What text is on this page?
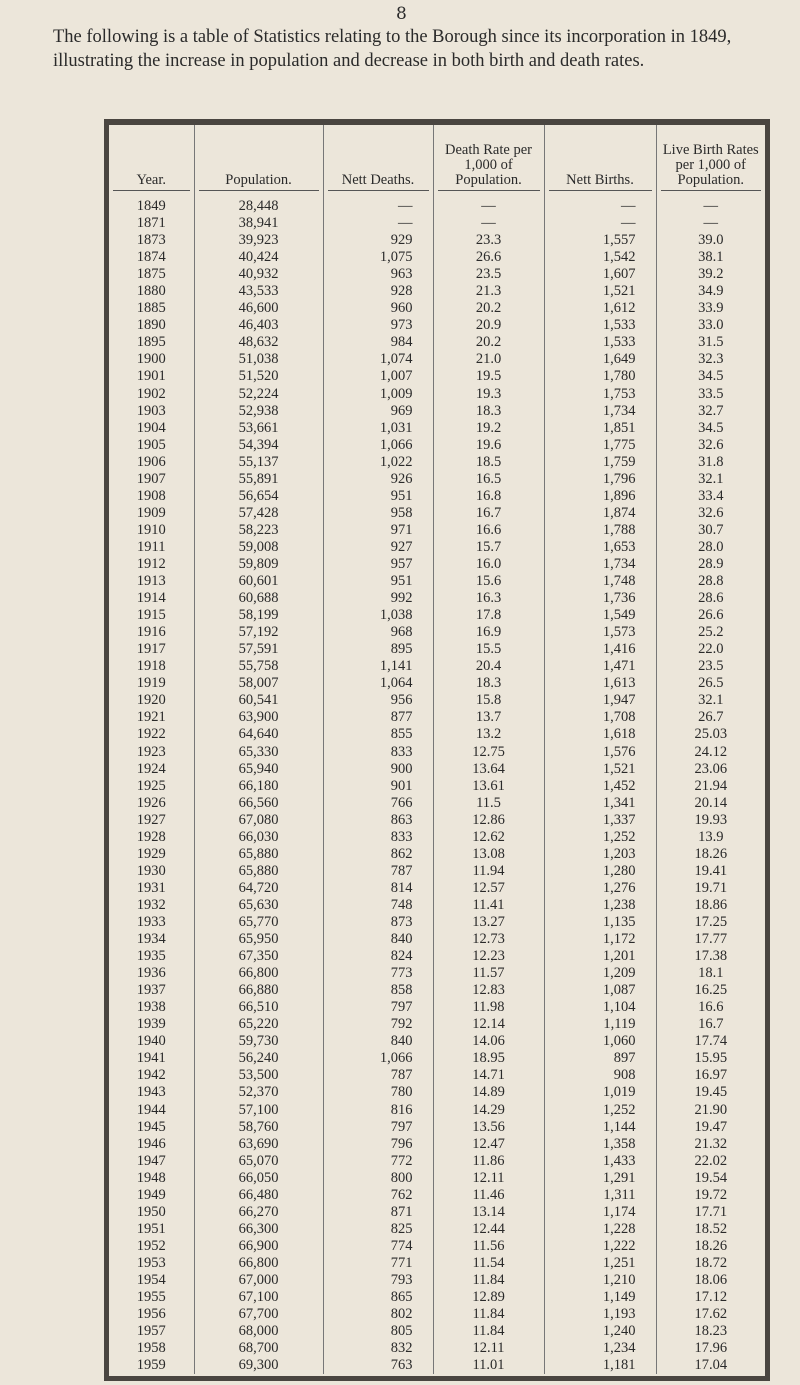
8
The following is a table of Statistics relating to the Borough since its incorporation in 1849, illustrating the increase in population and decrease in both birth and death rates.
Year.	Population.	Nett Deaths.	Death Rate per 1,000 of Population.	Nett Births.	Live Birth Rates per 1,000 of Population.

1849	28,448	—	—	—	—
1871	38,941	—	—	—	—
1873	39,923	929	23.3	1,557	39.0
1874	40,424	1,075	26.6	1,542	38.1
1875	40,932	963	23.5	1,607	39.2
1880	43,533	928	21.3	1,521	34.9
1885	46,600	960	20.2	1,612	33.9
1890	46,403	973	20.9	1,533	33.0
1895	48,632	984	20.2	1,533	31.5
1900	51,038	1,074	21.0	1,649	32.3
1901	51,520	1,007	19.5	1,780	34.5
1902	52,224	1,009	19.3	1,753	33.5
1903	52,938	969	18.3	1,734	32.7
1904	53,661	1,031	19.2	1,851	34.5
1905	54,394	1,066	19.6	1,775	32.6
1906	55,137	1,022	18.5	1,759	31.8
1907	55,891	926	16.5	1,796	32.1
1908	56,654	951	16.8	1,896	33.4
1909	57,428	958	16.7	1,874	32.6
1910	58,223	971	16.6	1,788	30.7
1911	59,008	927	15.7	1,653	28.0
1912	59,809	957	16.0	1,734	28.9
1913	60,601	951	15.6	1,748	28.8
1914	60,688	992	16.3	1,736	28.6
1915	58,199	1,038	17.8	1,549	26.6
1916	57,192	968	16.9	1,573	25.2
1917	57,591	895	15.5	1,416	22.0
1918	55,758	1,141	20.4	1,471	23.5
1919	58,007	1,064	18.3	1,613	26.5
1920	60,541	956	15.8	1,947	32.1
1921	63,900	877	13.7	1,708	26.7
1922	64,640	855	13.2	1,618	25.03
1923	65,330	833	12.75	1,576	24.12
1924	65,940	900	13.64	1,521	23.06
1925	66,180	901	13.61	1,452	21.94
1926	66,560	766	11.5	1,341	20.14
1927	67,080	863	12.86	1,337	19.93
1928	66,030	833	12.62	1,252	13.9
1929	65,880	862	13.08	1,203	18.26
1930	65,880	787	11.94	1,280	19.41
1931	64,720	814	12.57	1,276	19.71
1932	65,630	748	11.41	1,238	18.86
1933	65,770	873	13.27	1,135	17.25
1934	65,950	840	12.73	1,172	17.77
1935	67,350	824	12.23	1,201	17.38
1936	66,800	773	11.57	1,209	18.1
1937	66,880	858	12.83	1,087	16.25
1938	66,510	797	11.98	1,104	16.6
1939	65,220	792	12.14	1,119	16.7
1940	59,730	840	14.06	1,060	17.74
1941	56,240	1,066	18.95	897	15.95
1942	53,500	787	14.71	908	16.97
1943	52,370	780	14.89	1,019	19.45
1944	57,100	816	14.29	1,252	21.90
1945	58,760	797	13.56	1,144	19.47
1946	63,690	796	12.47	1,358	21.32
1947	65,070	772	11.86	1,433	22.02
1948	66,050	800	12.11	1,291	19.54
1949	66,480	762	11.46	1,311	19.72
1950	66,270	871	13.14	1,174	17.71
1951	66,300	825	12.44	1,228	18.52
1952	66,900	774	11.56	1,222	18.26
1953	66,800	771	11.54	1,251	18.72
1954	67,000	793	11.84	1,210	18.06
1955	67,100	865	12.89	1,149	17.12
1956	67,700	802	11.84	1,193	17.62
1957	68,000	805	11.84	1,240	18.23
1958	68,700	832	12.11	1,234	17.96
1959	69,300	763	11.01	1,181	17.04
